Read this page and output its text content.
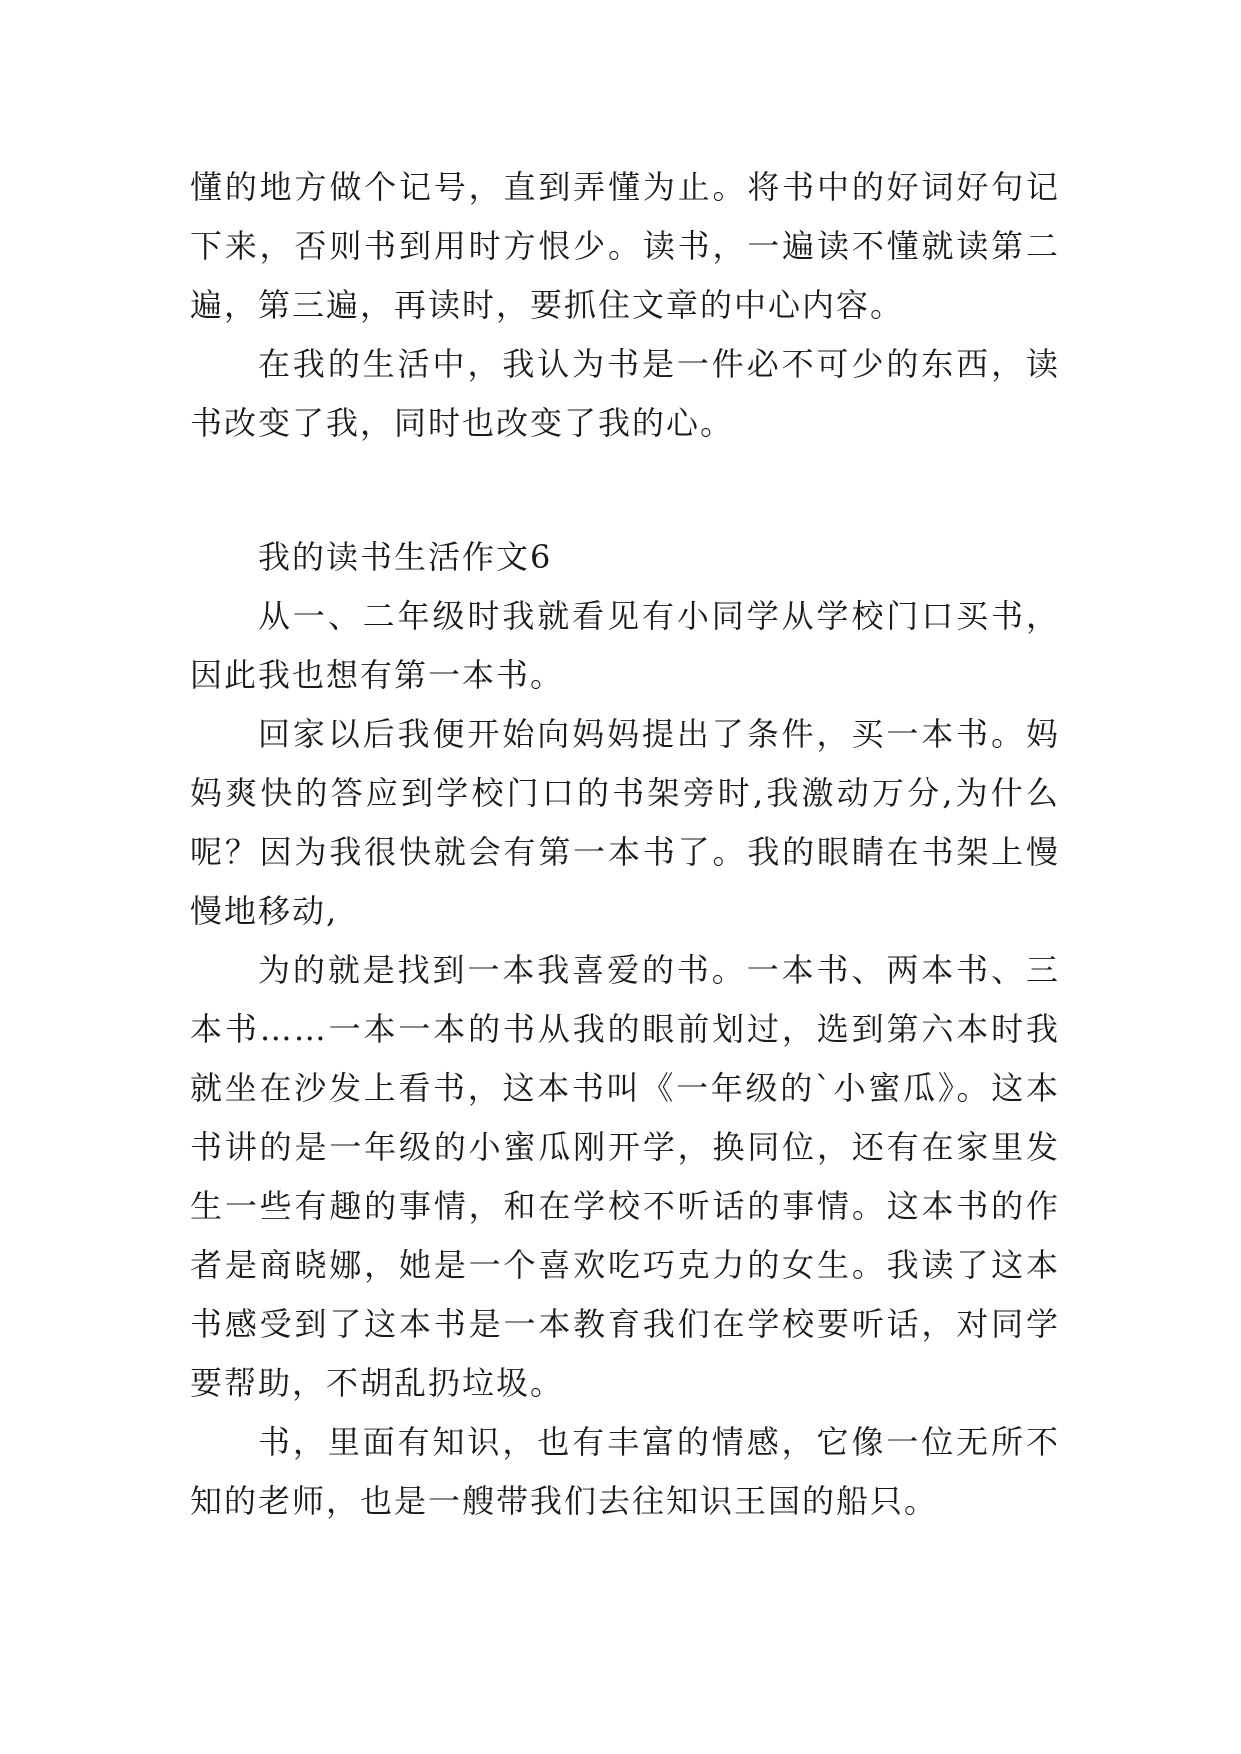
懂的地方做个记号，直到弄懂为止。将书中的好词好句记下来，否则书到用时方恨少。读书，一遍读不懂就读第二遍，第三遍，再读时，要抓住文章的中心内容。

在我的生活中，我认为书是一件必不可少的东西，读书改变了我，同时也改变了我的心。

我的读书生活作文6

从一、二年级时我就看见有小同学从学校门口买书，因此我也想有第一本书。

回家以后我便开始向妈妈提出了条件，买一本书。妈妈爽快的答应到学校门口的书架旁时,我激动万分,为什么呢？因为我很快就会有第一本书了。我的眼睛在书架上慢慢地移动,

为的就是找到一本我喜爱的书。一本书、两本书、三本书……一本一本的书从我的眼前划过，选到第六本时我就坐在沙发上看书，这本书叫《一年级的`小蜜瓜》。这本书讲的是一年级的小蜜瓜刚开学，换同位，还有在家里发生一些有趣的事情，和在学校不听话的事情。这本书的作者是商晓娜，她是一个喜欢吃巧克力的女生。我读了这本书感受到了这本书是一本教育我们在学校要听话，对同学要帮助，不胡乱扔垃圾。

书，里面有知识，也有丰富的情感，它像一位无所不知的老师，也是一艘带我们去往知识王国的船只。
